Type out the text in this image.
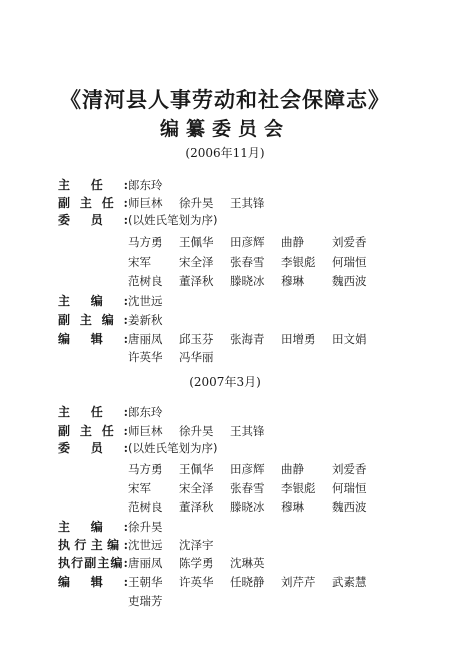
《清河县人事劳动和社会保障志》
编纂委员会
(2006年11月)
主 任 : 郎东玲
副 主 任 : 师巨林 徐升昊 王其锋
委 员 : (以姓氏笔划为序)
马方勇 王佩华 田彦辉 曲静 刘爱香
宋军 宋全泽 张春雪 李银彪 何瑞恒
范树良 董泽秋 滕晓冰 穆琳 魏西波
主 编 : 沈世远
副 主 编 : 姜新秋
编 辑 : 唐丽凤 邱玉芬 张海青 田增勇 田文娟
许英华 冯华丽
(2007年3月)
主 任 : 郎东玲
副 主 任 : 师巨林 徐升昊 王其锋
委 员 : (以姓氏笔划为序)
马方勇 王佩华 田彦辉 曲静 刘爱香
宋军 宋全泽 张春雪 李银彪 何瑞恒
范树良 董泽秋 滕晓冰 穆琳 魏西波
主 编 : 徐升昊
执 行 主 编 : 沈世远 沈泽宇
执 行 副 主 编 : 唐丽凤 陈学勇 沈琳英
编 辑 : 王朝华 许英华 任晓静 刘芹芹 武素慧
吏瑞芳
